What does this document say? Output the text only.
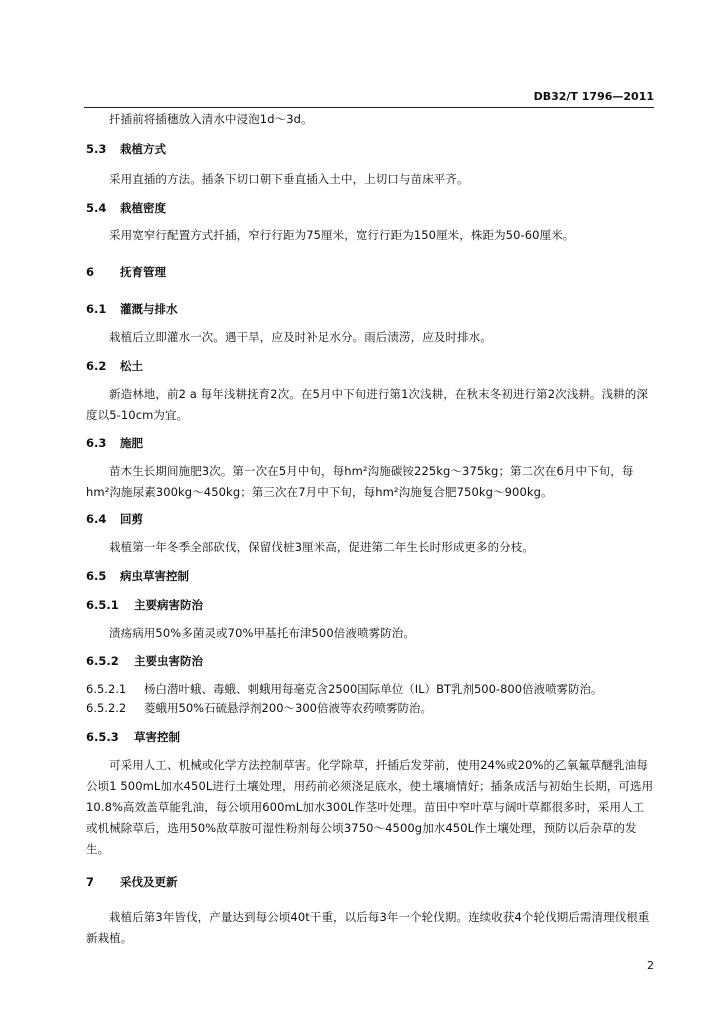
DB32/T 1796—2011
扦插前将插穗放入清水中浸泡1d～3d。
5.3 栽植方式
采用直插的方法。插条下切口朝下垂直插入土中，上切口与苗床平齐。
5.4 栽植密度
采用宽窄行配置方式扦插，窄行行距为75厘米，宽行行距为150厘米，株距为50-60厘米。
6 抚育管理
6.1 灌溉与排水
栽植后立即灌水一次。遇干旱，应及时补足水分。雨后渍涝，应及时排水。
6.2 松土
新造林地，前2 a 每年浅耕抚育2次。在5月中下旬进行第1次浅耕，在秋末冬初进行第2次浅耕。浅耕的深度以5-10cm为宜。
6.3 施肥
苗木生长期间施肥3次。第一次在5月中旬，每hm²沟施碳铵225kg～375kg；第二次在6月中下旬，每hm²沟施尿素300kg～450kg；第三次在7月中下旬，每hm²沟施复合肥750kg～900kg。
6.4 回剪
栽植第一年冬季全部砍伐，保留伐桩3厘米高，促进第二年生长时形成更多的分枝。
6.5 病虫草害控制
6.5.1 主要病害防治
渍疡病用50%多菌灵或70%甲基托布津500倍液喷雾防治。
6.5.2 主要虫害防治
6.5.2.1 杨白潜叶蛾、毒蛾、刺蛾用每毫克含2500国际单位（IL）BT乳剂500-800倍液喷雾防治。
6.5.2.2 菱蛾用50%石硫悬浮剂200～300倍液等农药喷雾防治。
6.5.3 草害控制
可采用人工、机械或化学方法控制草害。化学除草，扦插后发芽前，使用24%或20%的乙氧氟草醚乳油每公顷1 500mL加水450L进行土壤处理，用药前必须浇足底水，使土壤墒情好；插条成活与初始生长期，可选用10.8%高效盖草能乳油，每公顷用600mL加水300L作茎叶处理。苗田中窄叶草与阔叶草都很多时，采用人工或机械除草后，选用50%敌草胺可湿性粉剂每公顷3750～4500g加水450L作土壤处理，预防以后杂草的发生。
7 采伐及更新
栽植后第3年皆伐，产量达到每公顷40t干重，以后每3年一个轮伐期。连续收获4个轮伐期后需清理伐根重新栽植。
2
